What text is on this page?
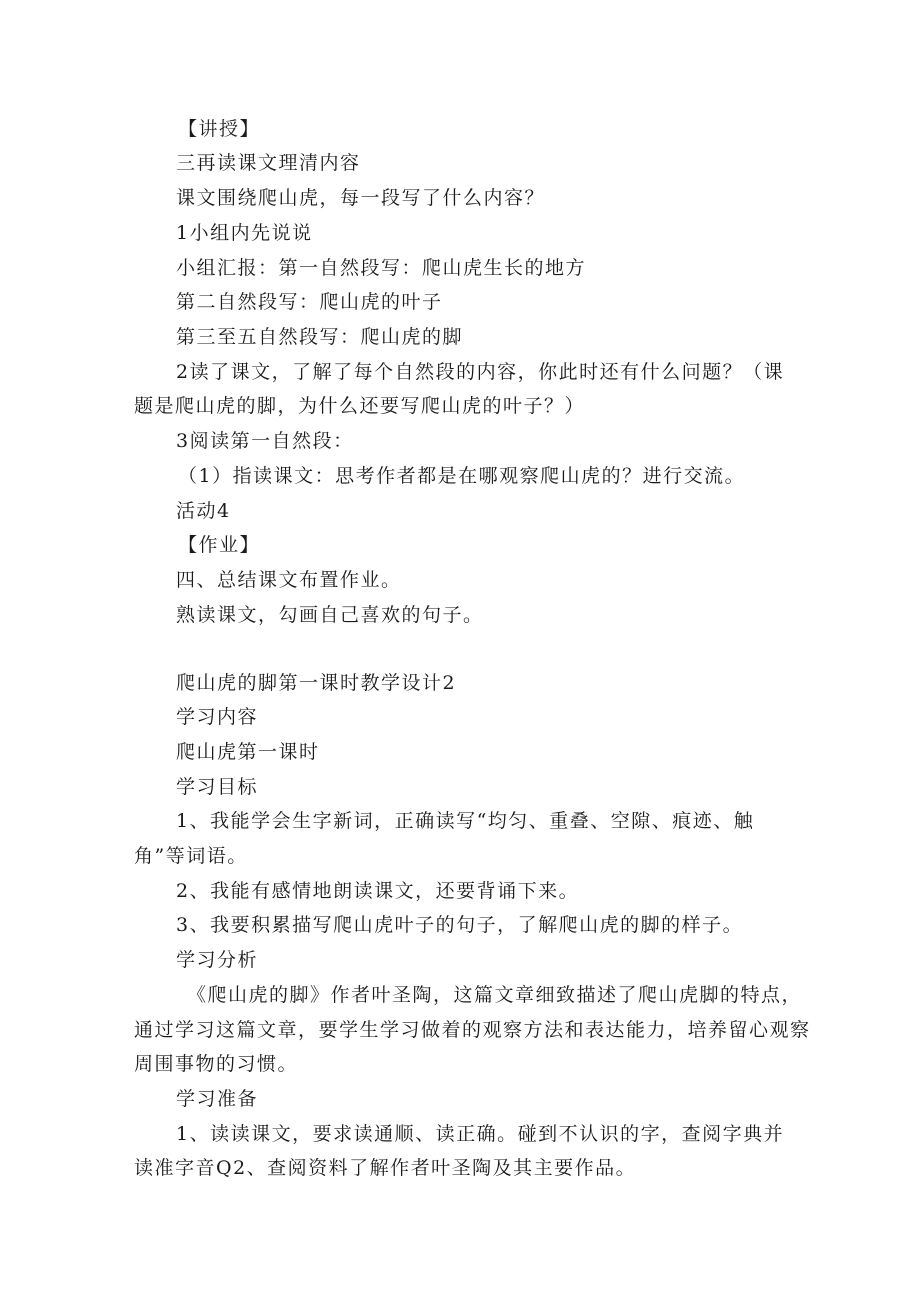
【讲授】
三再读课文理清内容
课文围绕爬山虎，每一段写了什么内容？
1小组内先说说
小组汇报：第一自然段写：爬山虎生长的地方
第二自然段写：爬山虎的叶子
第三至五自然段写：爬山虎的脚
2读了课文，了解了每个自然段的内容，你此时还有什么问题？（课
题是爬山虎的脚，为什么还要写爬山虎的叶子？）
3阅读第一自然段：
（1）指读课文：思考作者都是在哪观察爬山虎的？进行交流。
活动4
【作业】
四、总结课文布置作业。
熟读课文，勾画自己喜欢的句子。
爬山虎的脚第一课时教学设计2
学习内容
爬山虎第一课时
学习目标
1、我能学会生字新词，正确读写“均匀、重叠、空隙、痕迹、触
角”等词语。
2、我能有感情地朗读课文，还要背诵下来。
3、我要积累描写爬山虎叶子的句子，了解爬山虎的脚的样子。
学习分析
《爬山虎的脚》作者叶圣陶，这篇文章细致描述了爬山虎脚的特点，
通过学习这篇文章，要学生学习做着的观察方法和表达能力，培养留心观察
周围事物的习惯。
学习准备
1、读读课文，要求读通顺、读正确。碰到不认识的字，查阅字典并
读准字音Q2、查阅资料了解作者叶圣陶及其主要作品。
